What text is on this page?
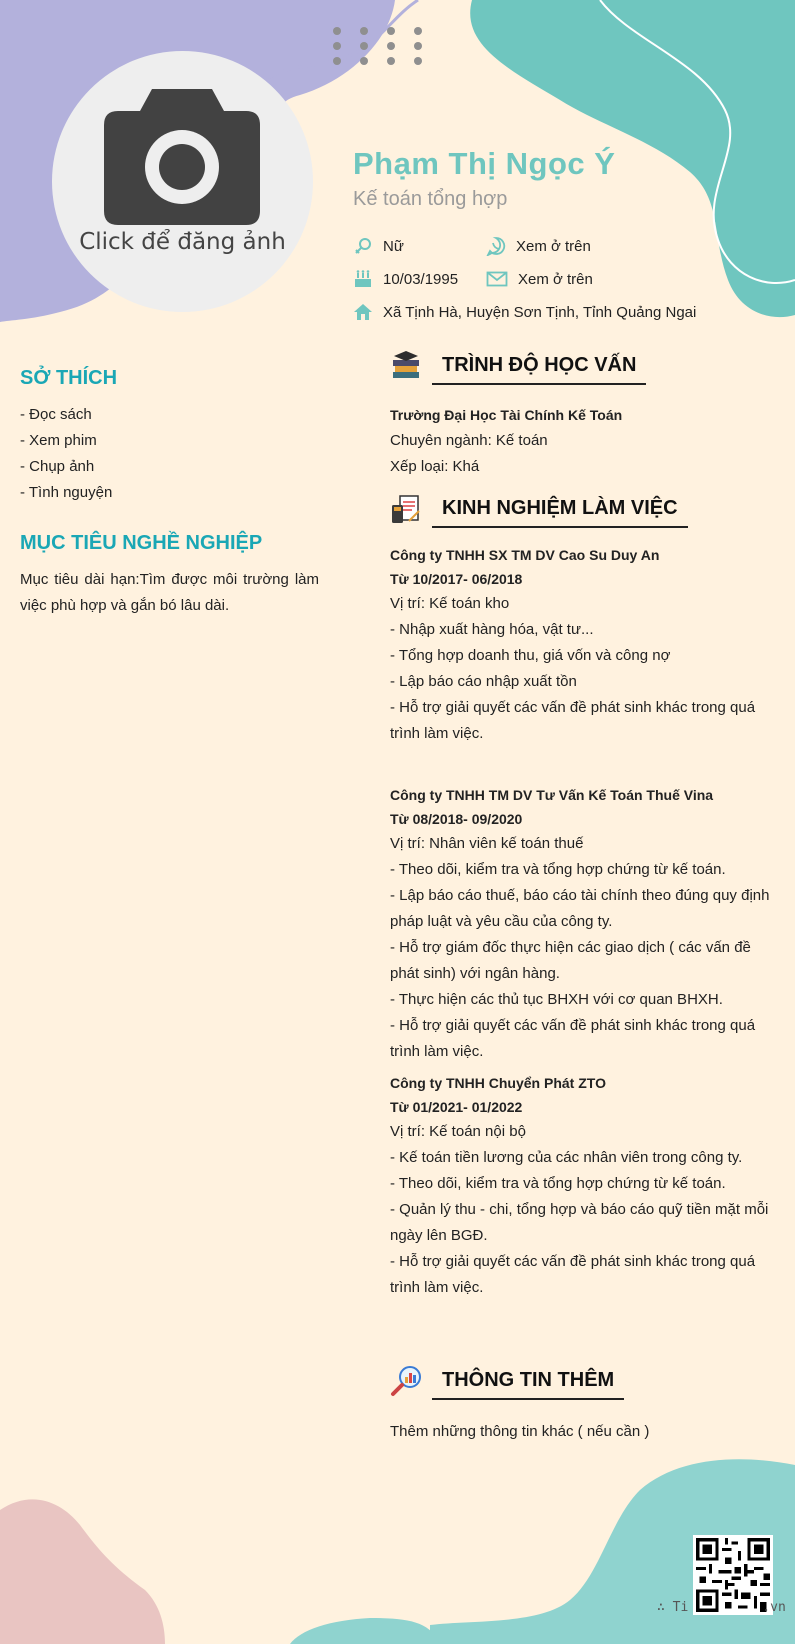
Click để đăng ảnh
Phạm Thị Ngọc Ý
Kế toán tổng hợp
Nữ	Xem ở trên
10/03/1995	Xem ở trên
Xã Tịnh Hà, Huyện Sơn Tịnh, Tỉnh Quảng Ngai
SỞ THÍCH
- Đọc sách
- Xem phim
- Chụp ảnh
- Tình nguyện
MỤC TIÊU NGHỀ NGHIỆP
Mục tiêu dài hạn:Tìm được môi trường làm việc phù hợp và gắn bó lâu dài.
TRÌNH ĐỘ HỌC VẤN
Trường Đại Học Tài Chính Kế Toán
Chuyên ngành: Kế toán
Xếp loại: Khá
KINH NGHIỆM LÀM VIỆC
Công ty TNHH SX TM DV Cao Su Duy An
Từ 10/2017- 06/2018
Vị trí: Kế toán kho
- Nhập xuất hàng hóa, vật tư...
- Tổng hợp doanh thu, giá vốn và công nợ
- Lập báo cáo nhập xuất tồn
- Hỗ trợ giải quyết các vấn đề phát sinh khác trong quá trình làm việc.
Công ty TNHH TM DV Tư Vấn Kế Toán Thuế Vina
Từ 08/2018- 09/2020
Vị trí: Nhân viên kế toán thuế
- Theo dõi, kiểm tra và tổng hợp chứng từ kế toán.
- Lập báo cáo thuế, báo cáo tài chính theo đúng quy định pháp luật và yêu cầu của công ty.
- Hỗ trợ giám đốc thực hiện các giao dịch ( các vấn đề phát sinh) với ngân hàng.
- Thực hiện các thủ tục BHXH với cơ quan BHXH.
- Hỗ trợ giải quyết các vấn đề phát sinh khác trong quá trình làm việc.
Công ty TNHH Chuyển Phát ZTO
Từ 01/2021- 01/2022
Vị trí: Kế toán nội bộ
- Kế toán tiền lương của các nhân viên trong công ty.
- Theo dõi, kiểm tra và tổng hợp chứng từ kế toán.
- Quản lý thu - chi, tổng hợp và báo cáo quỹ tiền mặt mỗi ngày lên BGĐ.
- Hỗ trợ giải quyết các vấn đề phát sinh khác trong quá trình làm việc.
THÔNG TIN THÊM
Thêm những thông tin khác ( nếu cần )
∴ Ti	.vn
